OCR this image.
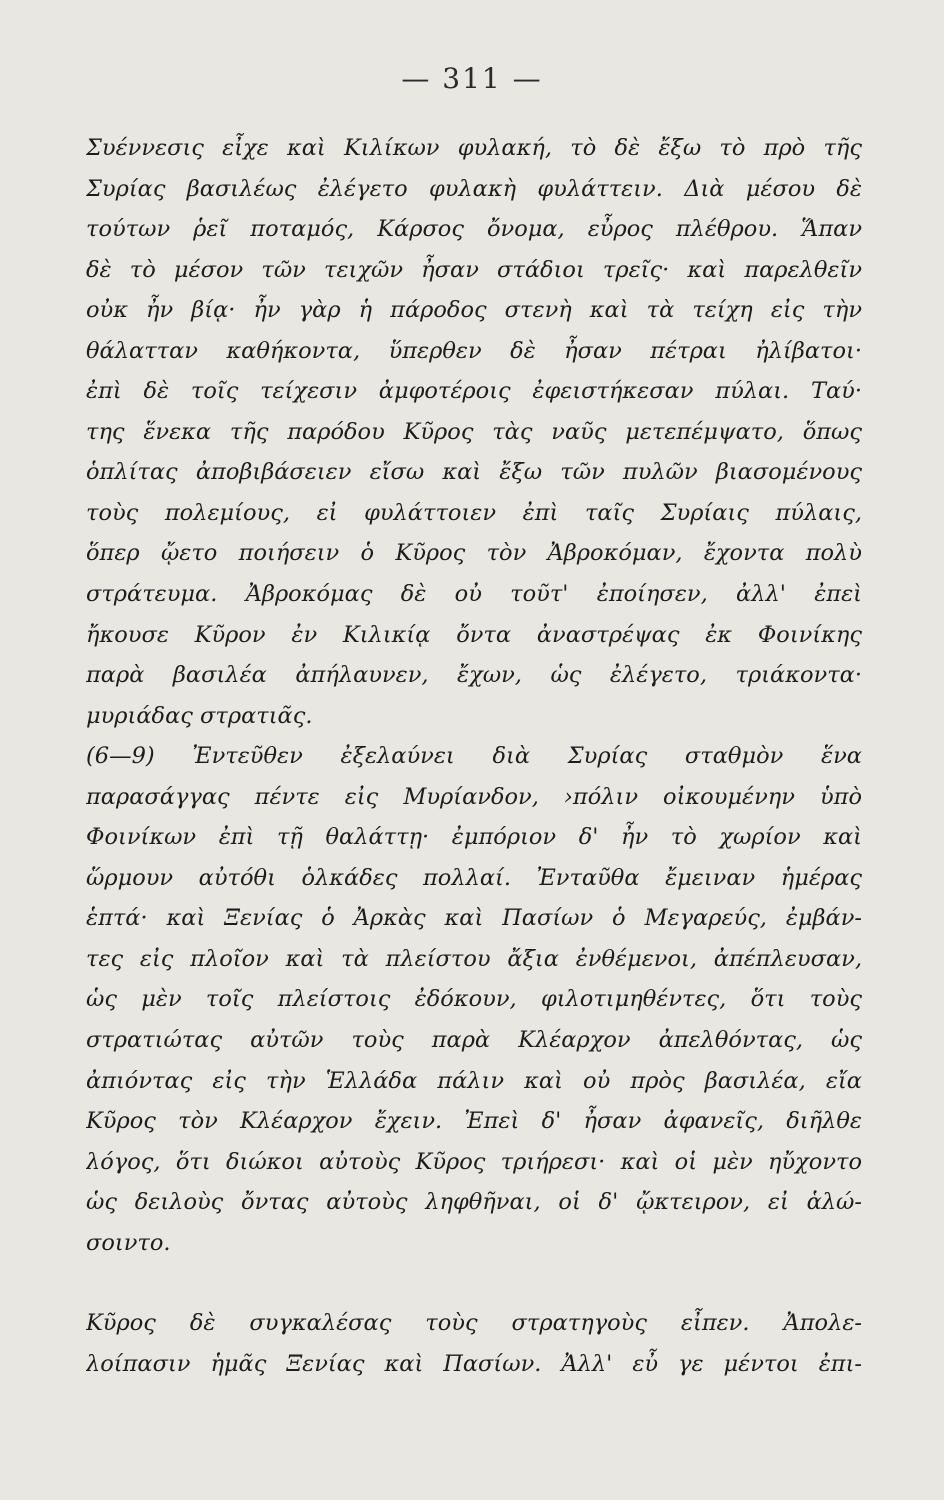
— 311 —
Συέννεσις εἶχε καὶ Κιλίκων φυλακή, τὸ δὲ ἔξω τὸ πρὸ τῆς
Συρίας βασιλέως ἐλέγετο φυλακὴ φυλάττειν. Διὰ μέσου δὲ
τούτων ῥεῖ ποταμός, Κάρσος ὄνομα, εὖρος πλέθρου. Ἅπαν
δὲ τὸ μέσον τῶν τειχῶν ἦσαν στάδιοι τρεῖς· καὶ παρελθεῖν
οὐκ ἦν βίᾳ· ἦν γὰρ ἡ πάροδος στενὴ καὶ τὰ τείχη εἰς τὴν
θάλατταν καθήκοντα, ὕπερθεν δὲ ἦσαν πέτραι ἠλίβατοι·
ἐπὶ δὲ τοῖς τείχεσιν ἀμφοτέροις ἐφειστήκεσαν πύλαι. Ταύ·
της ἕνεκα τῆς παρόδου Κῦρος τὰς ναῦς μετεπέμψατο, ὅπως
ὁπλίτας ἀποβιβάσειεν εἴσω καὶ ἔξω τῶν πυλῶν βιασομένους
τοὺς πολεμίους, εἰ φυλάττοιεν ἐπὶ ταῖς Συρίαις πύλαις,
ὅπερ ᾤετο ποιήσειν ὁ Κῦρος τὸν Ἀβροκόμαν, ἔχοντα πολὺ
στράτευμα. Ἀβροκόμας δὲ οὐ τοῦτ' ἐποίησεν, ἀλλ' ἐπεὶ
ἤκουσε Κῦρον ἐν Κιλικίᾳ ὄντα ἀναστρέψας ἐκ Φοινίκης
παρὰ βασιλέα ἀπήλαυνεν, ἔχων, ὡς ἐλέγετο, τριάκοντα·
μυριάδας στρατιᾶς.
(6—9) Ἐντεῦθεν ἐξελαύνει διὰ Συρίας σταθμὸν ἕνα
παρασάγγας πέντε εἰς Μυρίανδον, ›πόλιν οἰκουμένην ὑπὸ
Φοινίκων ἐπὶ τῇ θαλάττῃ· ἐμπόριον δ' ἦν τὸ χωρίον καὶ
ὥρμουν αὐτόθι ὁλκάδες πολλαί. Ἐνταῦθα ἔμειναν ἡμέρας
ἑπτά· καὶ Ξενίας ὁ Ἀρκὰς καὶ Πασίων ὁ Μεγαρεύς, ἐμβάν-
τες εἰς πλοῖον καὶ τὰ πλείστου ἄξια ἐνθέμενοι, ἀπέπλευσαν,
ὡς μὲν τοῖς πλείστοις ἐδόκουν, φιλοτιμηθέντες, ὅτι τοὺς
στρατιώτας αὐτῶν τοὺς παρὰ Κλέαρχον ἀπελθόντας, ὡς
ἀπιόντας εἰς τὴν Ἑλλάδα πάλιν καὶ οὐ πρὸς βασιλέα, εἴα
Κῦρος τὸν Κλέαρχον ἔχειν. Ἐπεὶ δ' ἦσαν ἀφανεῖς, διῆλθε
λόγος, ὅτι διώκοι αὐτοὺς Κῦρος τριήρεσι· καὶ οἱ μὲν ηὔχοντο
ὡς δειλοὺς ὄντας αὐτοὺς ληφθῆναι, οἱ δ' ᾤκτειρον, εἰ ἁλώ-
σοιντο.
Κῦρος δὲ συγκαλέσας τοὺς στρατηγοὺς εἶπεν. Ἀπολε-
λοίπασιν ἡμᾶς Ξενίας καὶ Πασίων. Ἀλλ' εὖ γε μέντοι ἐπι-
